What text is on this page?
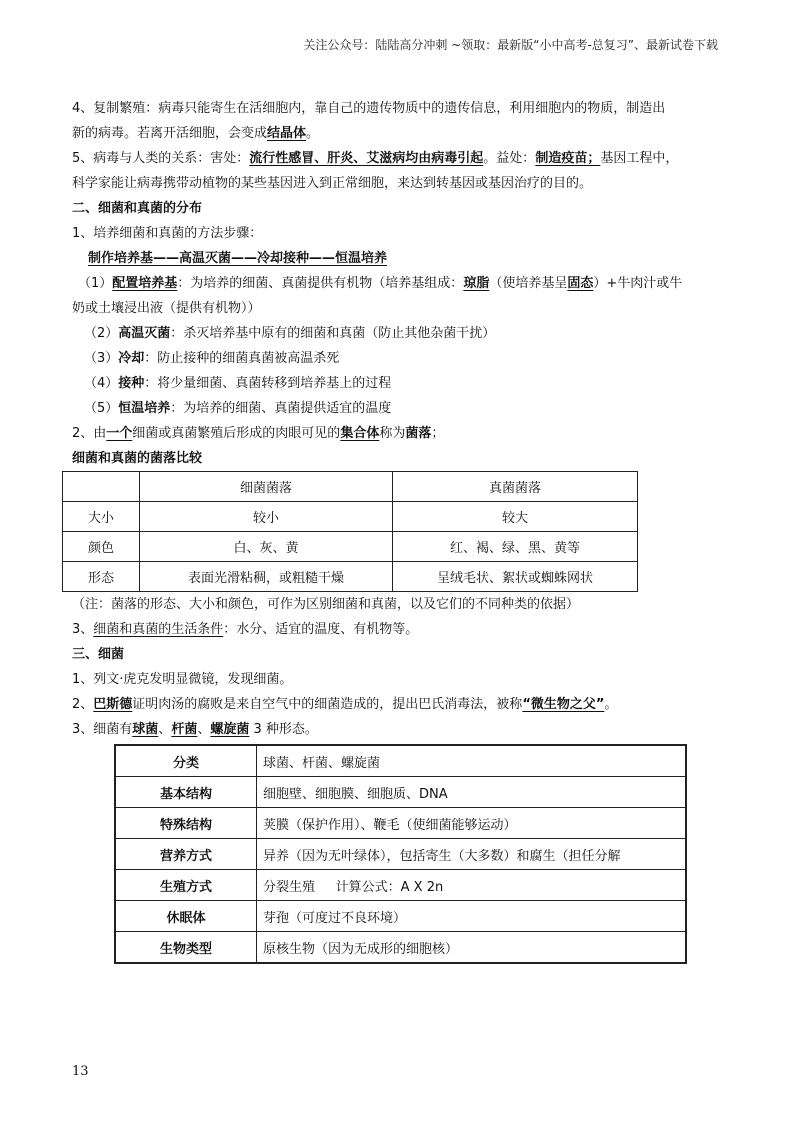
关注公众号：陆陆高分冲刺 ~领取：最新版“小中高考-总复习”、最新试卷下载
4、复制繁殖：病毒只能寄生在活细胞内，靠自己的遗传物质中的遗传信息，利用细胞内的物质，制造出
新的病毒。若离开活细胞，会变成结晶体。
5、病毒与人类的关系：害处：流行性感冒、肝炎、艾滋病均由病毒引起。益处：制造疫苗；基因工程中，
科学家能让病毒携带动植物的某些基因进入到正常细胞，来达到转基因或基因治疗的目的。
二、细菌和真菌的分布
1、培养细菌和真菌的方法步骤：
制作培养基——高温灭菌——冷却接种——恒温培养
（1）配置培养基：为培养的细菌、真菌提供有机物（培养基组成：琼脂（使培养基呈固态）+牛肉汁或牛
奶或土壤浸出液（提供有机物））
（2）高温灭菌：杀灭培养基中原有的细菌和真菌（防止其他杂菌干扰）
（3）冷却：防止接种的细菌真菌被高温杀死
（4）接种：将少量细菌、真菌转移到培养基上的过程
（5）恒温培养：为培养的细菌、真菌提供适宜的温度
2、由一个细菌或真菌繁殖后形成的肉眼可见的集合体称为菌落；
细菌和真菌的菌落比较
	细菌菌落	真菌菌落
大小	较小	较大
颜色	白、灰、黄	红、褐、绿、黑、黄等
形态	表面光滑粘稠，或粗糙干燥	呈绒毛状、絮状或蜘蛛网状
（注：菌落的形态、大小和颜色，可作为区别细菌和真菌，以及它们的不同种类的依据）
3、细菌和真菌的生活条件：水分、适宜的温度、有机物等。
三、细菌
1、列文·虎克发明显微镜，发现细菌。
2、巴斯德证明肉汤的腐败是来自空气中的细菌造成的，提出巴氏消毒法，被称“微生物之父”。
3、细菌有球菌、杆菌、螺旋菌 3 种形态。
分类	球菌、杆菌、螺旋菌
基本结构	细胞壁、细胞膜、细胞质、DNA
特殊结构	荚膜（保护作用）、鞭毛（使细菌能够运动）
营养方式	异养（因为无叶绿体），包括寄生（大多数）和腐生（担任分解
生殖方式	分裂生殖     计算公式：A X 2n
休眠体	芽孢（可度过不良环境）
生物类型	原核生物（因为无成形的细胞核）
13
